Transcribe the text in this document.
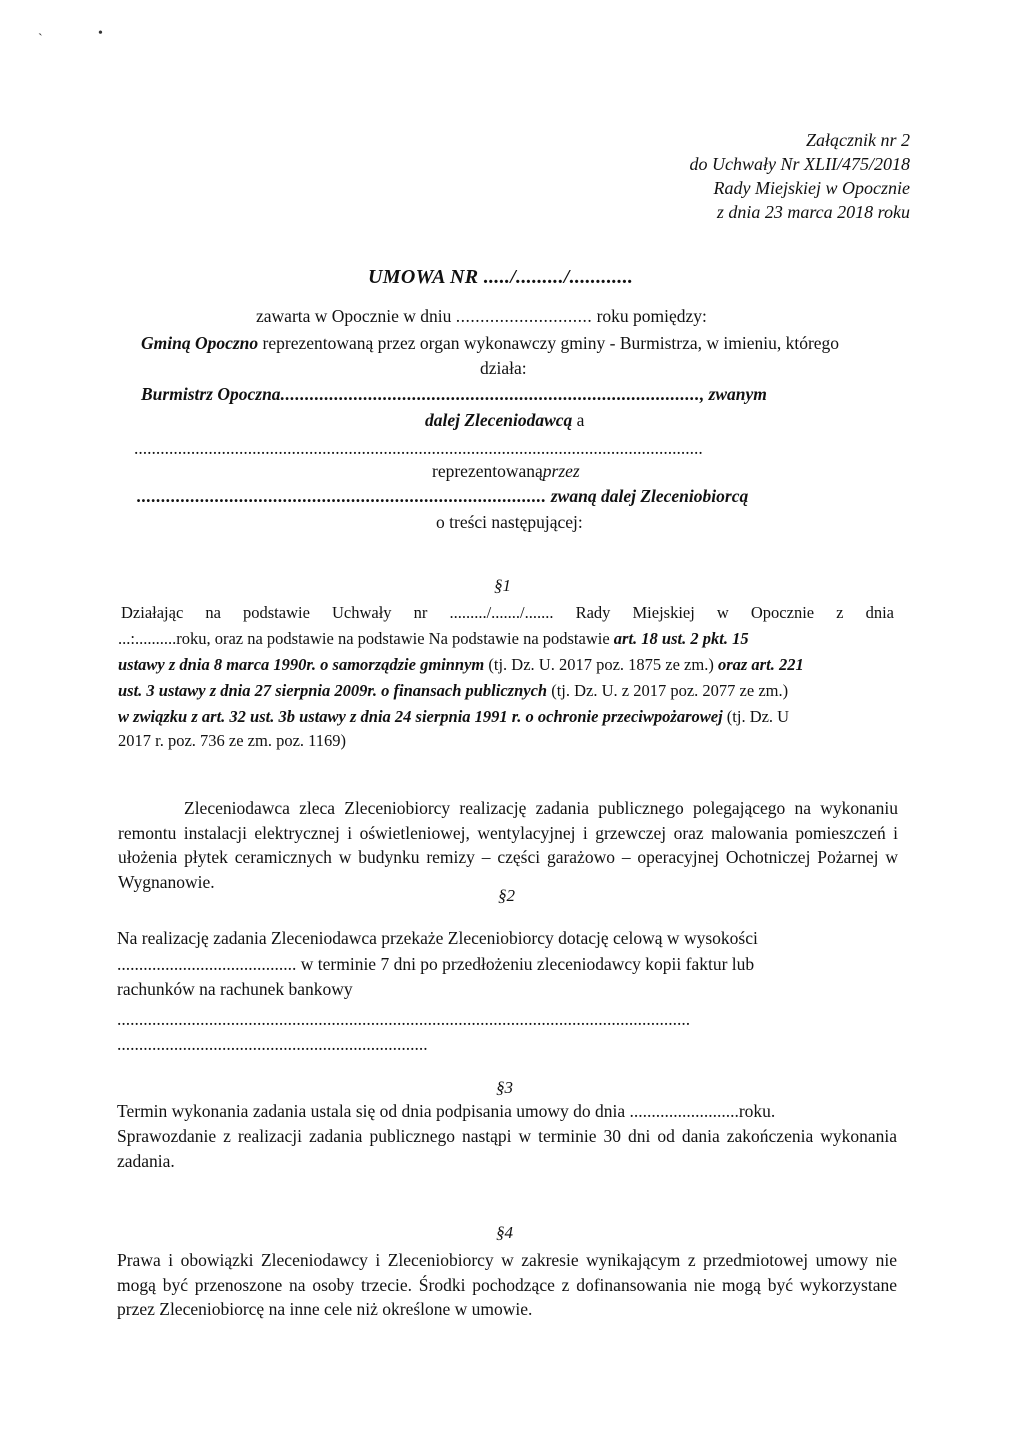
`	•
Załącznik nr 2
do Uchwały Nr XLII/475/2018
Rady Miejskiej w Opocznie
z dnia 23 marca 2018 roku
UMOWA NR ...../........./............
zawarta w Opocznie w dniu ............................ roku pomiędzy:
Gminą Opoczno reprezentowaną przez organ wykonawczy gminy - Burmistrza, w imieniu, którego
działa:
Burmistrz Opoczna......................................................................................, zwanym
dalej Zleceniodawcą a
..................................................................................................................................
reprezentowanąprzez
.................................................................................... zwaną dalej Zleceniobiorcą
o treści następującej:
§1
Działając na podstawie Uchwały nr ........./......./....... Rady Miejskiej w Opocznie z dnia
...:..........roku, oraz na podstawie na podstawie Na podstawie na podstawie art. 18 ust. 2 pkt. 15
ustawy z dnia 8 marca 1990r. o samorządzie gminnym (tj. Dz. U. 2017 poz. 1875 ze zm.) oraz art. 221
ust. 3 ustawy z dnia 27 sierpnia 2009r. o finansach publicznych (tj. Dz. U. z 2017 poz. 2077 ze zm.)
w związku z art. 32 ust. 3b ustawy z dnia 24 sierpnia 1991 r. o ochronie przeciwpożarowej (tj. Dz. U
2017 r. poz. 736 ze zm. poz. 1169)
Zleceniodawca zleca Zleceniobiorcy realizację zadania publicznego polegającego na wykonaniu remontu instalacji elektrycznej i oświetleniowej, wentylacyjnej i grzewczej oraz malowania pomieszczeń i ułożenia płytek ceramicznych w budynku remizy – części garażowo – operacyjnej Ochotniczej Pożarnej w Wygnanowie.
§2
Na realizację zadania Zleceniodawca przekaże Zleceniobiorcy dotację celową w wysokości
......................................... w terminie 7 dni po przedłożeniu zleceniodawcy kopii faktur lub
rachunków na rachunek bankowy
...................................................................................................................................
.......................................................................
§3
Termin wykonania zadania ustala się od dnia podpisania umowy do dnia .........................roku.
Sprawozdanie z realizacji zadania publicznego nastąpi w terminie 30 dni od dania zakończenia wykonania zadania.
§4
Prawa i obowiązki Zleceniodawcy i Zleceniobiorcy w zakresie wynikającym z przedmiotowej umowy nie mogą być przenoszone na osoby trzecie. Środki pochodzące z dofinansowania nie mogą być wykorzystane przez Zleceniobiorcę na inne cele niż określone w umowie.
